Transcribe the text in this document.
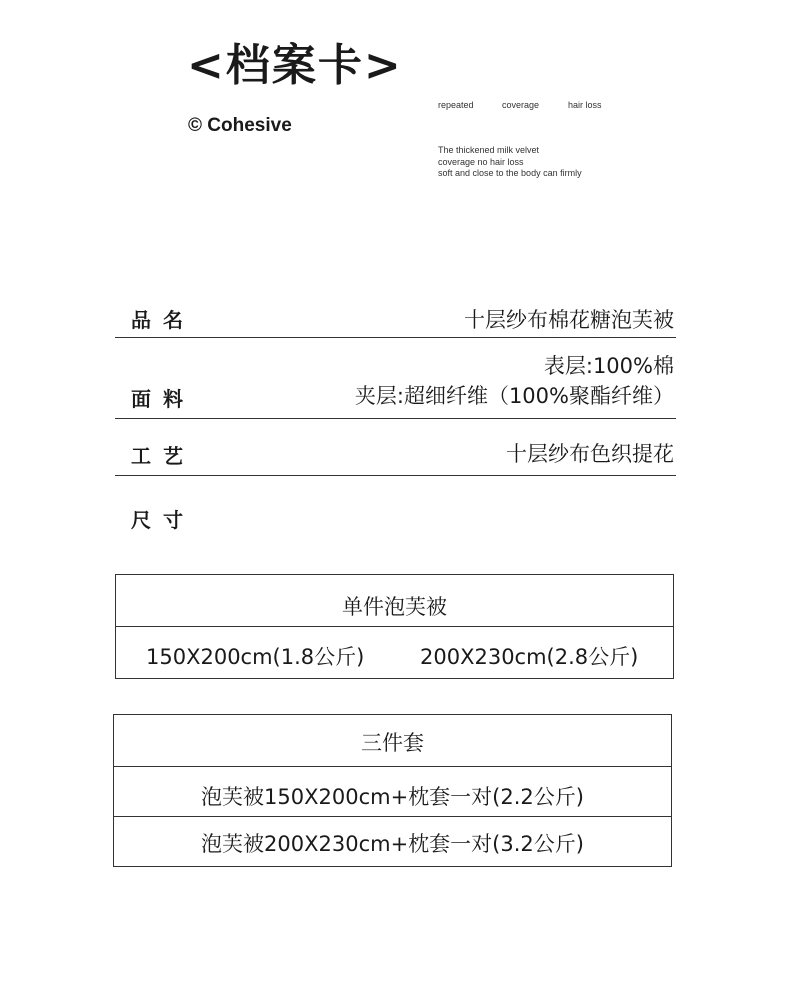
<档案卡>
© Cohesive
repeated	coverage	hair loss
The thickened milk velvet
coverage no hair loss
soft and close to the body can firmly
品名	十层纱布棉花糖泡芙被
面料
表层:100%棉
夹层:超细纤维（100%聚酯纤维）
工艺	十层纱布色织提花
尺寸
单件泡芙被
150X200cm(1.8公斤)	200X230cm(2.8公斤)
三件套
泡芙被150X200cm+枕套一对(2.2公斤)
泡芙被200X230cm+枕套一对(3.2公斤)
